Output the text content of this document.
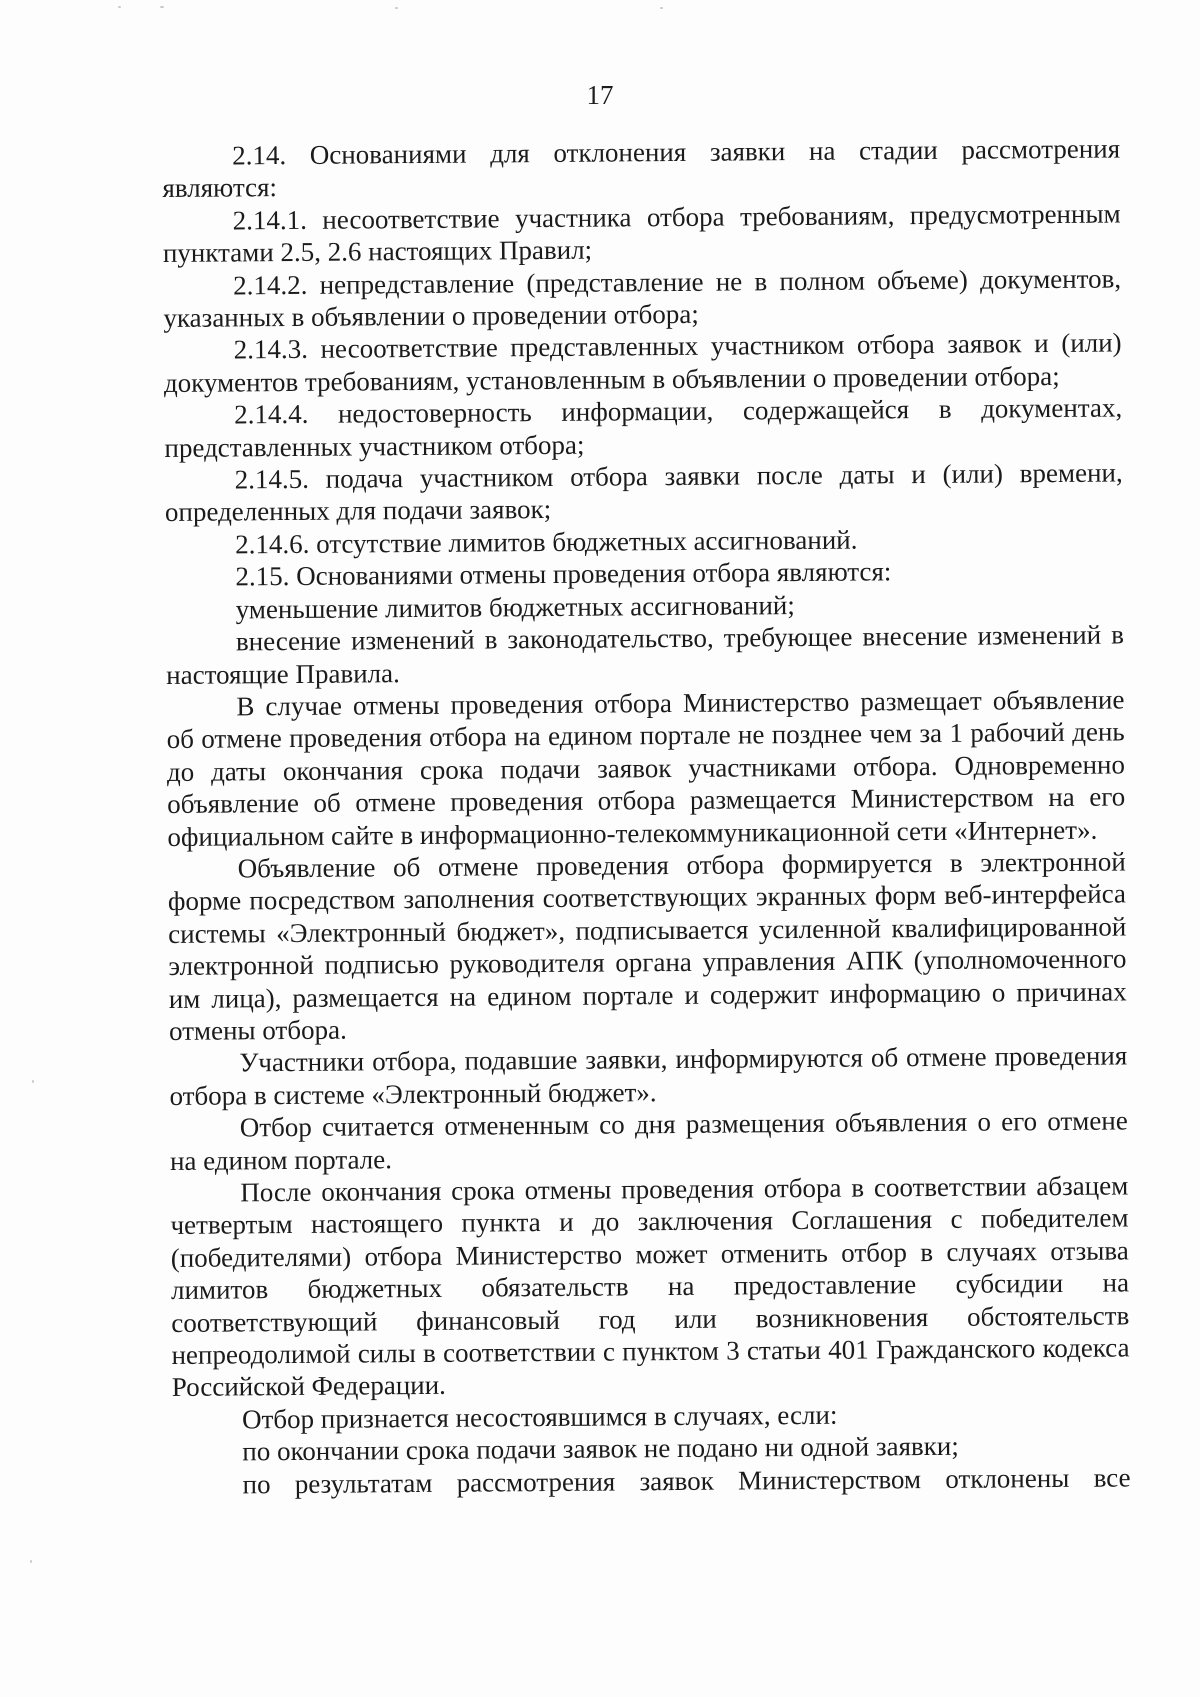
17

2.14. Основаниями для отклонения заявки на стадии рассмотрения являются:

2.14.1. несоответствие участника отбора требованиям, предусмотренным пунктами 2.5, 2.6 настоящих Правил;

2.14.2. непредставление (представление не в полном объеме) документов, указанных в объявлении о проведении отбора;

2.14.3. несоответствие представленных участником отбора заявок и (или) документов требованиям, установленным в объявлении о проведении отбора;

2.14.4. недостоверность информации, содержащейся в документах, представленных участником отбора;

2.14.5. подача участником отбора заявки после даты и (или) времени, определенных для подачи заявок;

2.14.6. отсутствие лимитов бюджетных ассигнований.

2.15. Основаниями отмены проведения отбора являются:

уменьшение лимитов бюджетных ассигнований;

внесение изменений в законодательство, требующее внесение изменений в настоящие Правила.

В случае отмены проведения отбора Министерство размещает объявление об отмене проведения отбора на едином портале не позднее чем за 1 рабочий день до даты окончания срока подачи заявок участниками отбора. Одновременно объявление об отмене проведения отбора размещается Министерством на его официальном сайте в информационно-телекоммуникационной сети «Интернет».

Объявление об отмене проведения отбора формируется в электронной форме посредством заполнения соответствующих экранных форм веб-интерфейса системы «Электронный бюджет», подписывается усиленной квалифицированной электронной подписью руководителя органа управления АПК (уполномоченного им лица), размещается на едином портале и содержит информацию о причинах отмены отбора.

Участники отбора, подавшие заявки, информируются об отмене проведения отбора в системе «Электронный бюджет».

Отбор считается отмененным со дня размещения объявления о его отмене на едином портале.

После окончания срока отмены проведения отбора в соответствии абзацем четвертым настоящего пункта и до заключения Соглашения с победителем (победителями) отбора Министерство может отменить отбор в случаях отзыва лимитов бюджетных обязательств на предоставление субсидии на соответствующий финансовый год или возникновения обстоятельств непреодолимой силы в соответствии с пунктом 3 статьи 401 Гражданского кодекса Российской Федерации.

Отбор признается несостоявшимся в случаях, если:

по окончании срока подачи заявок не подано ни одной заявки;

по результатам рассмотрения заявок Министерством отклонены все
